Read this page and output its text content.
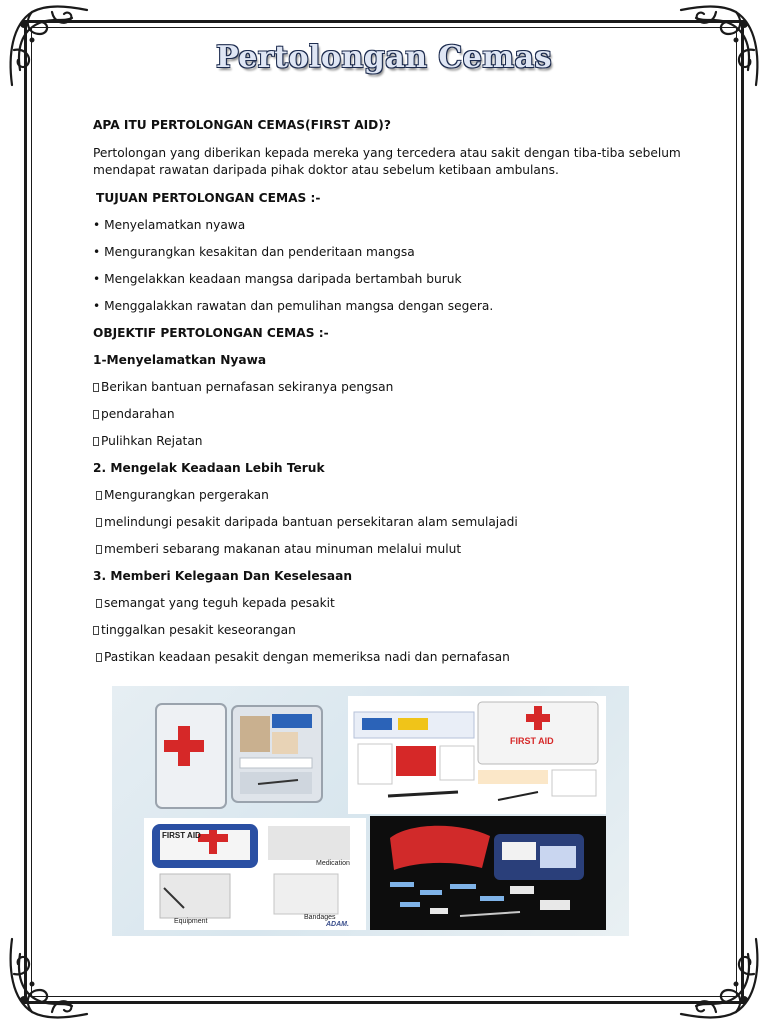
Pertolongan Cemas

APA ITU PERTOLONGAN CEMAS(FIRST AID)?

Pertolongan yang diberikan kepada mereka yang tercedera atau sakit dengan tiba-tiba sebelum

mendapat rawatan daripada pihak doktor atau sebelum ketibaan ambulans.

TUJUAN PERTOLONGAN CEMAS :-

• Menyelamatkan nyawa

• Mengurangkan kesakitan dan penderitaan mangsa

• Mengelakkan keadaan mangsa daripada bertambah buruk

• Menggalakkan rawatan dan pemulihan mangsa dengan segera.

OBJEKTIF PERTOLONGAN CEMAS :-

1-Menyelamatkan Nyawa

Berikan bantuan pernafasan sekiranya pengsan

pendarahan

Pulihkan Rejatan

2. Mengelak Keadaan Lebih Teruk

Mengurangkan pergerakan

melindungi pesakit daripada bantuan persekitaran alam semulajadi

memberi sebarang makanan atau minuman melalui mulut

3. Memberi Kelegaan Dan Keselesaan

semangat yang teguh kepada pesakit

tinggalkan pesakit keseorangan

Pastikan keadaan pesakit dengan memeriksa nadi dan pernafasan

FIRST AID
FIRST AID
Medication
Equipment
Bandages
ADAM.
